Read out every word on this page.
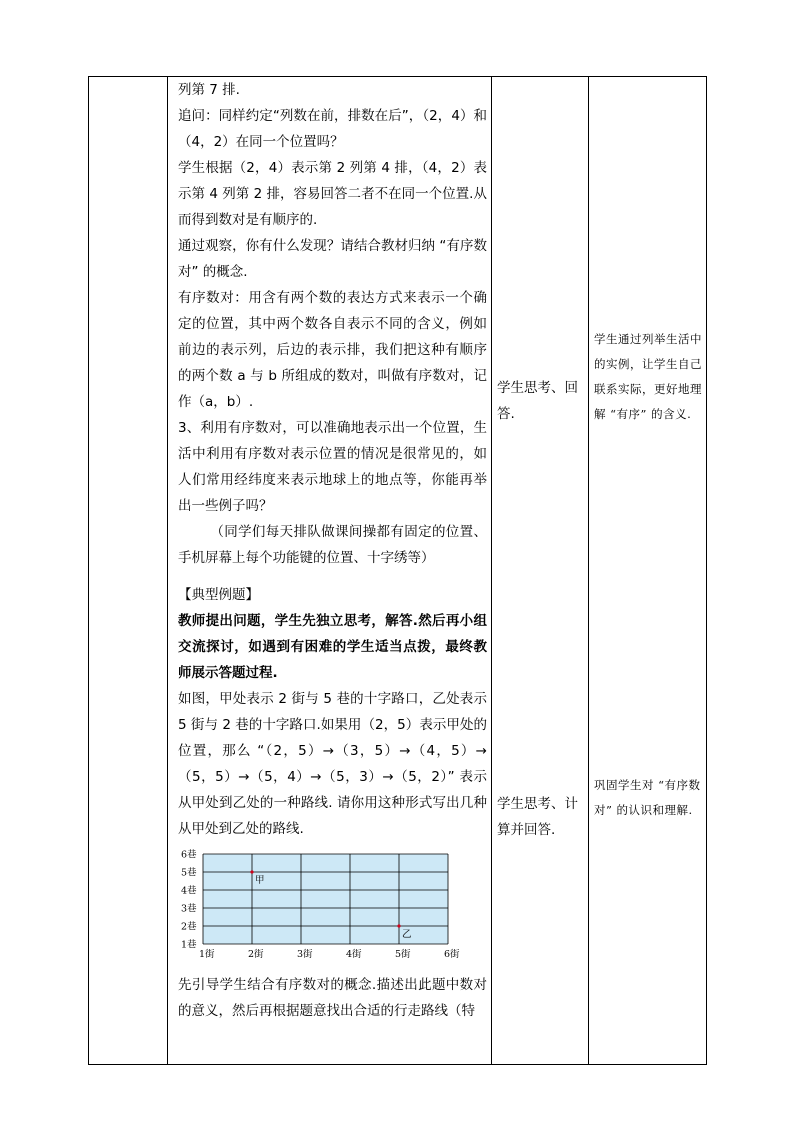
列第 7 排.

追问：同样约定“列数在前，排数在后”，（2，4）和（4，2）在同一个位置吗？

学生根据（2，4）表示第 2 列第 4 排，（4，2）表示第 4 列第 2 排，容易回答二者不在同一个位置.从而得到数对是有顺序的.

通过观察，你有什么发现？请结合教材归纳 “有序数对” 的概念.

有序数对：用含有两个数的表达方式来表示一个确定的位置，其中两个数各自表示不同的含义，例如前边的表示列，后边的表示排，我们把这种有顺序的两个数 a 与 b 所组成的数对，叫做有序数对，记作（a，b）.

3、利用有序数对，可以准确地表示出一个位置，生活中利用有序数对表示位置的情况是很常见的，如人们常用经纬度来表示地球上的地点等，你能再举出一些例子吗？

（同学们每天排队做课间操都有固定的位置、手机屏幕上每个功能键的位置、十字绣等）

【典型例题】

教师提出问题，学生先独立思考，解答.然后再小组交流探讨，如遇到有困难的学生适当点拨，最终教师展示答题过程.

如图，甲处表示 2 街与 5 巷的十字路口，乙处表示 5 街与 2 巷的十字路口.如果用（2，5）表示甲处的位置，那么 “（2，5）→（3，5）→（4，5）→（5，5）→（5，4）→（5，3）→（5，2）” 表示从甲处到乙处的一种路线. 请你用这种形式写出几种从甲处到乙处的路线.

1巷
2巷
3巷
4巷
5巷
6巷
1街	2街	3街	4街	5街	6街
甲
乙

先引导学生结合有序数对的概念.描述出此题中数对的意义，然后再根据题意找出合适的行走路线（特

学生思考、回答.

学生思考、计算并回答.

学生通过列举生活中的实例，让学生自己联系实际，更好地理解 “有序” 的含义.

巩固学生对 “有序数对” 的认识和理解.
